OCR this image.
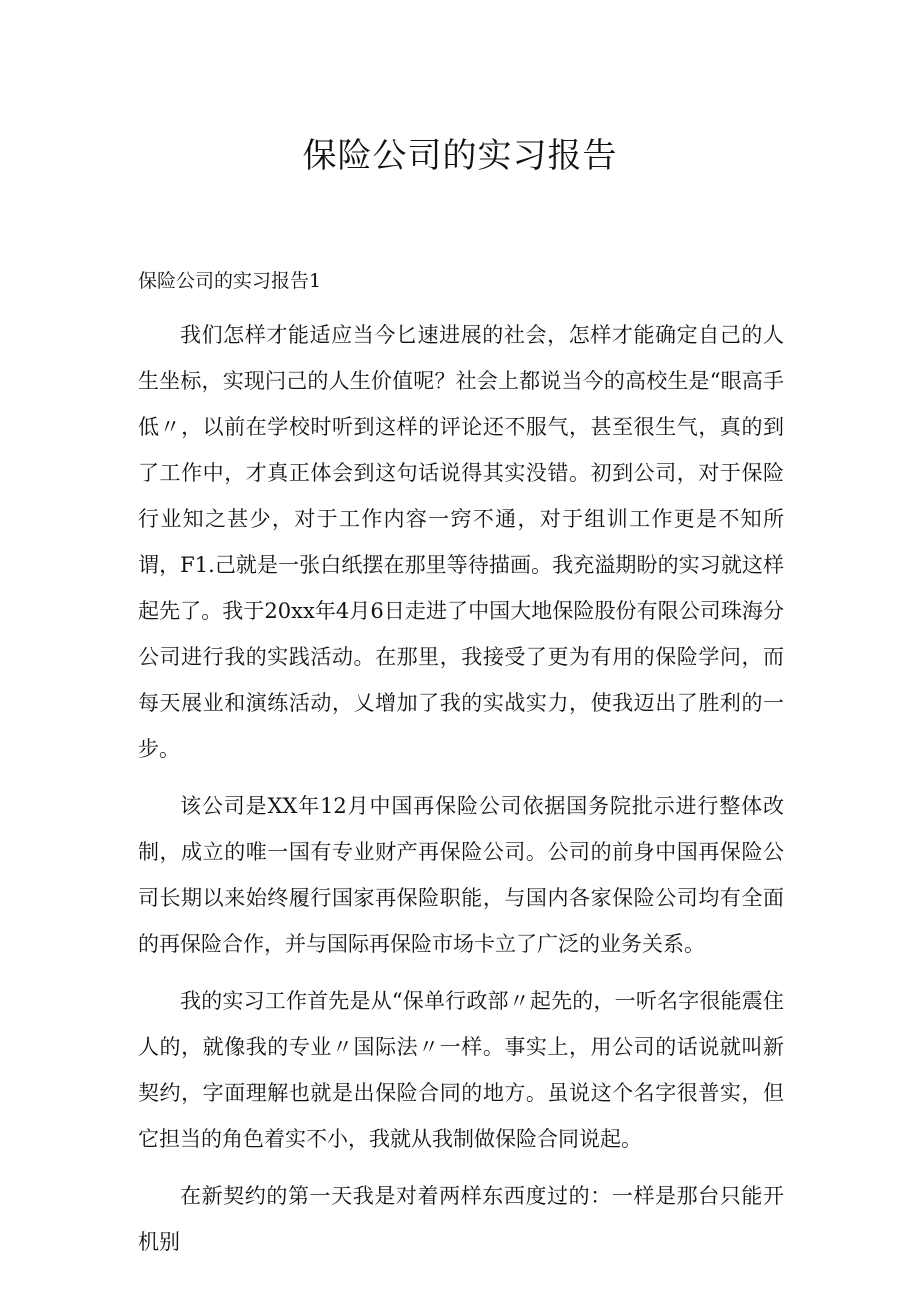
保险公司的实习报告
保险公司的实习报告1

我们怎样才能适应当今匕速进展的社会，怎样才能确定自己的人生坐标，实现闩己的人生价值呢？社会上都说当今的高校生是“眼高手低〃，以前在学校时听到这样的评论还不服气，甚至很生气，真的到了工作中，才真正体会到这句话说得其实没错。初到公司，对于保险行业知之甚少，对于工作内容一窍不通，对于组训工作更是不知所谓，F1.己就是一张白纸摆在那里等待描画。我充溢期盼的实习就这样起先了。我于20xx年4月6日走进了中国大地保险股份有限公司珠海分公司进行我的实践活动。在那里，我接受了更为有用的保险学问，而每天展业和演练活动，乂增加了我的实战实力，使我迈出了胜利的一步。

该公司是XX年12月中国再保险公司依据国务院批示进行整体改制，成立的唯一国有专业财产再保险公司。公司的前身中国再保险公司长期以来始终履行国家再保险职能，与国内各家保险公司均有全面的再保险合作，并与国际再保险市场卡立了广泛的业务关系。

我的实习工作首先是从“保单行政部〃起先的，一听名字很能震住人的，就像我的专业〃国际法〃一样。事实上，用公司的话说就叫新契约，字面理解也就是出保险合同的地方。虽说这个名字很普实，但它担当的角色着实不小，我就从我制做保险合同说起。

在新契约的第一天我是对着两样东西度过的：一样是那台只能开机别
